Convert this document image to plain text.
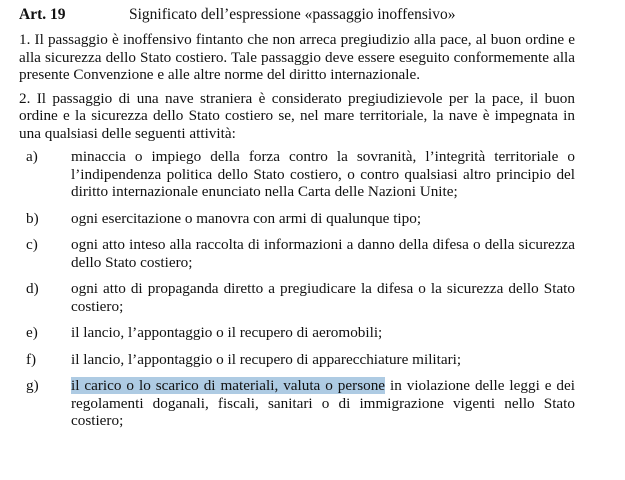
Art. 19	Significato dell’espressione «passaggio inoffensivo»
1. Il passaggio è inoffensivo fintanto che non arreca pregiudizio alla pace, al buon ordine e alla sicurezza dello Stato costiero. Tale passaggio deve essere eseguito conformemente alla presente Convenzione e alle altre norme del diritto internazionale.
2. Il passaggio di una nave straniera è considerato pregiudizievole per la pace, il buon ordine e la sicurezza dello Stato costiero se, nel mare territoriale, la nave è impegnata in una qualsiasi delle seguenti attività:
a)	minaccia o impiego della forza contro la sovranità, l’integrità territoriale o l’indipendenza politica dello Stato costiero, o contro qualsiasi altro principio del diritto internazionale enunciato nella Carta delle Nazioni Unite;
b)	ogni esercitazione o manovra con armi di qualunque tipo;
c)	ogni atto inteso alla raccolta di informazioni a danno della difesa o della sicurezza dello Stato costiero;
d)	ogni atto di propaganda diretto a pregiudicare la difesa o la sicurezza dello Stato costiero;
e)	il lancio, l’appontaggio o il recupero di aeromobili;
f)	il lancio, l’appontaggio o il recupero di apparecchiature militari;
g)	il carico o lo scarico di materiali, valuta o persone in violazione delle leggi e dei regolamenti doganali, fiscali, sanitari o di immigrazione vigenti nello Stato costiero;
